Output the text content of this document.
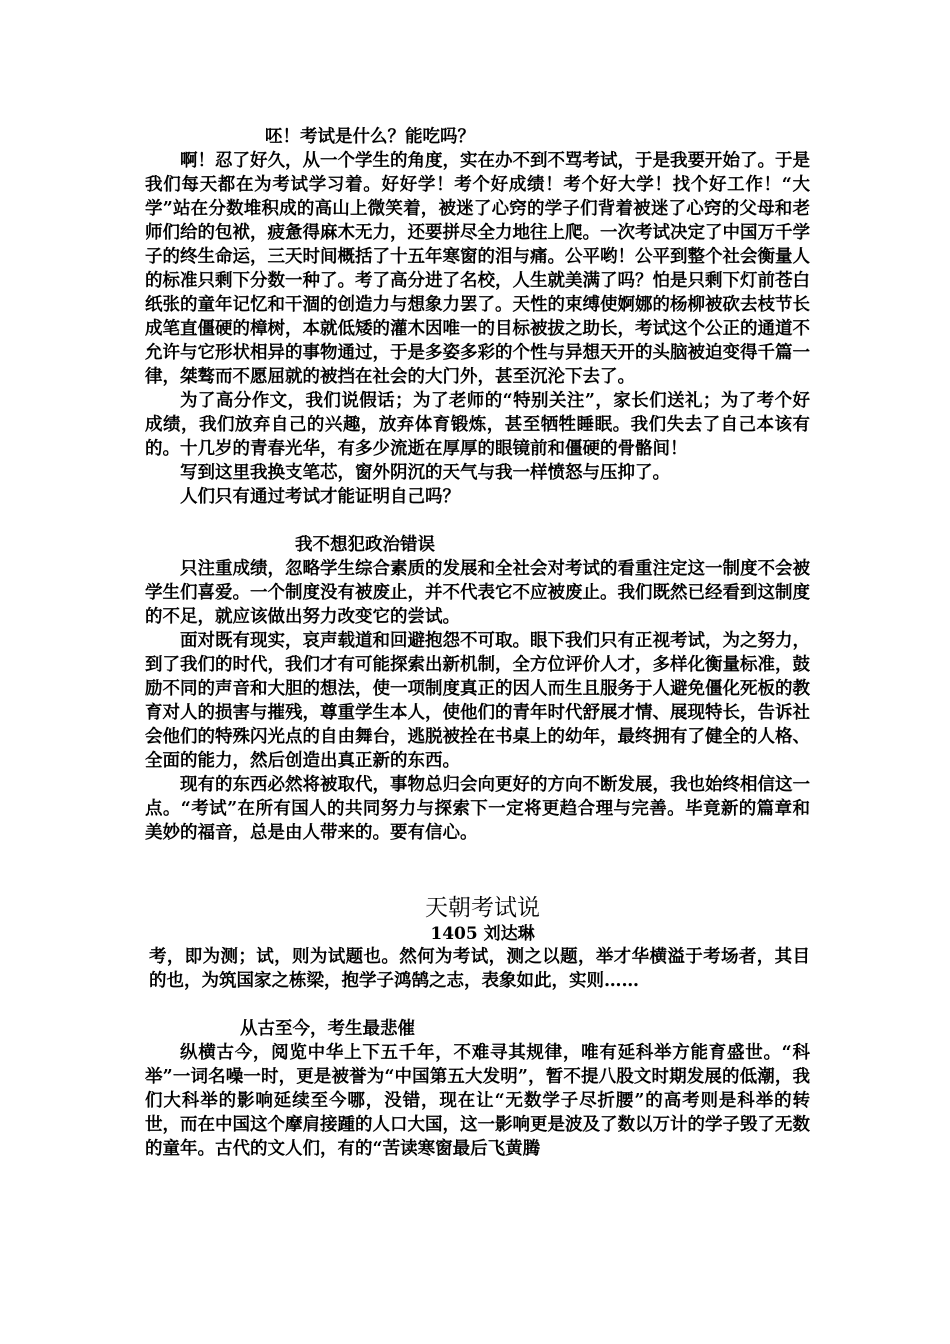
呸！考试是什么？能吃吗？

啊！忍了好久，从一个学生的角度，实在办不到不骂考试，于是我要开始了。于是我们每天都在为考试学习着。好好学！考个好成绩！考个好大学！找个好工作！“大学”站在分数堆积成的高山上微笑着，被迷了心窍的学子们背着被迷了心窍的父母和老师们给的包袱，疲惫得麻木无力，还要拼尽全力地往上爬。一次考试决定了中国万千学子的终生命运，三天时间概括了十五年寒窗的泪与痛。公平哟！公平到整个社会衡量人的标准只剩下分数一种了。考了高分进了名校，人生就美满了吗？怕是只剩下灯前苍白纸张的童年记忆和干涸的创造力与想象力罢了。天性的束缚使婀娜的杨柳被砍去枝节长成笔直僵硬的樟树，本就低矮的灌木因唯一的目标被拔之助长，考试这个公正的通道不允许与它形状相异的事物通过，于是多姿多彩的个性与异想天开的头脑被迫变得千篇一律，桀骜而不愿屈就的被挡在社会的大门外，甚至沉沦下去了。

为了高分作文，我们说假话；为了老师的“特别关注”，家长们送礼；为了考个好成绩，我们放弃自己的兴趣，放弃体育锻炼，甚至牺牲睡眠。我们失去了自己本该有的。十几岁的青春光华，有多少流逝在厚厚的眼镜前和僵硬的骨骼间！

写到这里我换支笔芯，窗外阴沉的天气与我一样愤怒与压抑了。

人们只有通过考试才能证明自己吗？

我不想犯政治错误

只注重成绩，忽略学生综合素质的发展和全社会对考试的看重注定这一制度不会被学生们喜爱。一个制度没有被废止，并不代表它不应被废止。我们既然已经看到这制度的不足，就应该做出努力改变它的尝试。

面对既有现实，哀声载道和回避抱怨不可取。眼下我们只有正视考试，为之努力，到了我们的时代，我们才有可能探索出新机制，全方位评价人才，多样化衡量标准，鼓励不同的声音和大胆的想法，使一项制度真正的因人而生且服务于人避免僵化死板的教育对人的损害与摧残，尊重学生本人，使他们的青年时代舒展才情、展现特长，告诉社会他们的特殊闪光点的自由舞台，逃脱被拴在书桌上的幼年，最终拥有了健全的人格、全面的能力，然后创造出真正新的东西。

现有的东西必然将被取代，事物总归会向更好的方向不断发展，我也始终相信这一点。“考试”在所有国人的共同努力与探索下一定将更趋合理与完善。毕竟新的篇章和美妙的福音，总是由人带来的。要有信心。

天朝考试说
1405 刘达琳

考，即为测；试，则为试题也。然何为考试，测之以题，举才华横溢于考场者，其目的也，为筑国家之栋梁，抱学子鸿鹄之志，表象如此，实则……

从古至今，考生最悲催

纵横古今，阅览中华上下五千年，不难寻其规律，唯有延科举方能育盛世。“科举”一词名噪一时，更是被誉为“中国第五大发明”，暂不提八股文时期发展的低潮，我们大科举的影响延续至今哪，没错，现在让“无数学子尽折腰”的高考则是科举的转世，而在中国这个摩肩接踵的人口大国，这一影响更是波及了数以万计的学子毁了无数的童年。古代的文人们，有的“苦读寒窗最后飞黄腾
